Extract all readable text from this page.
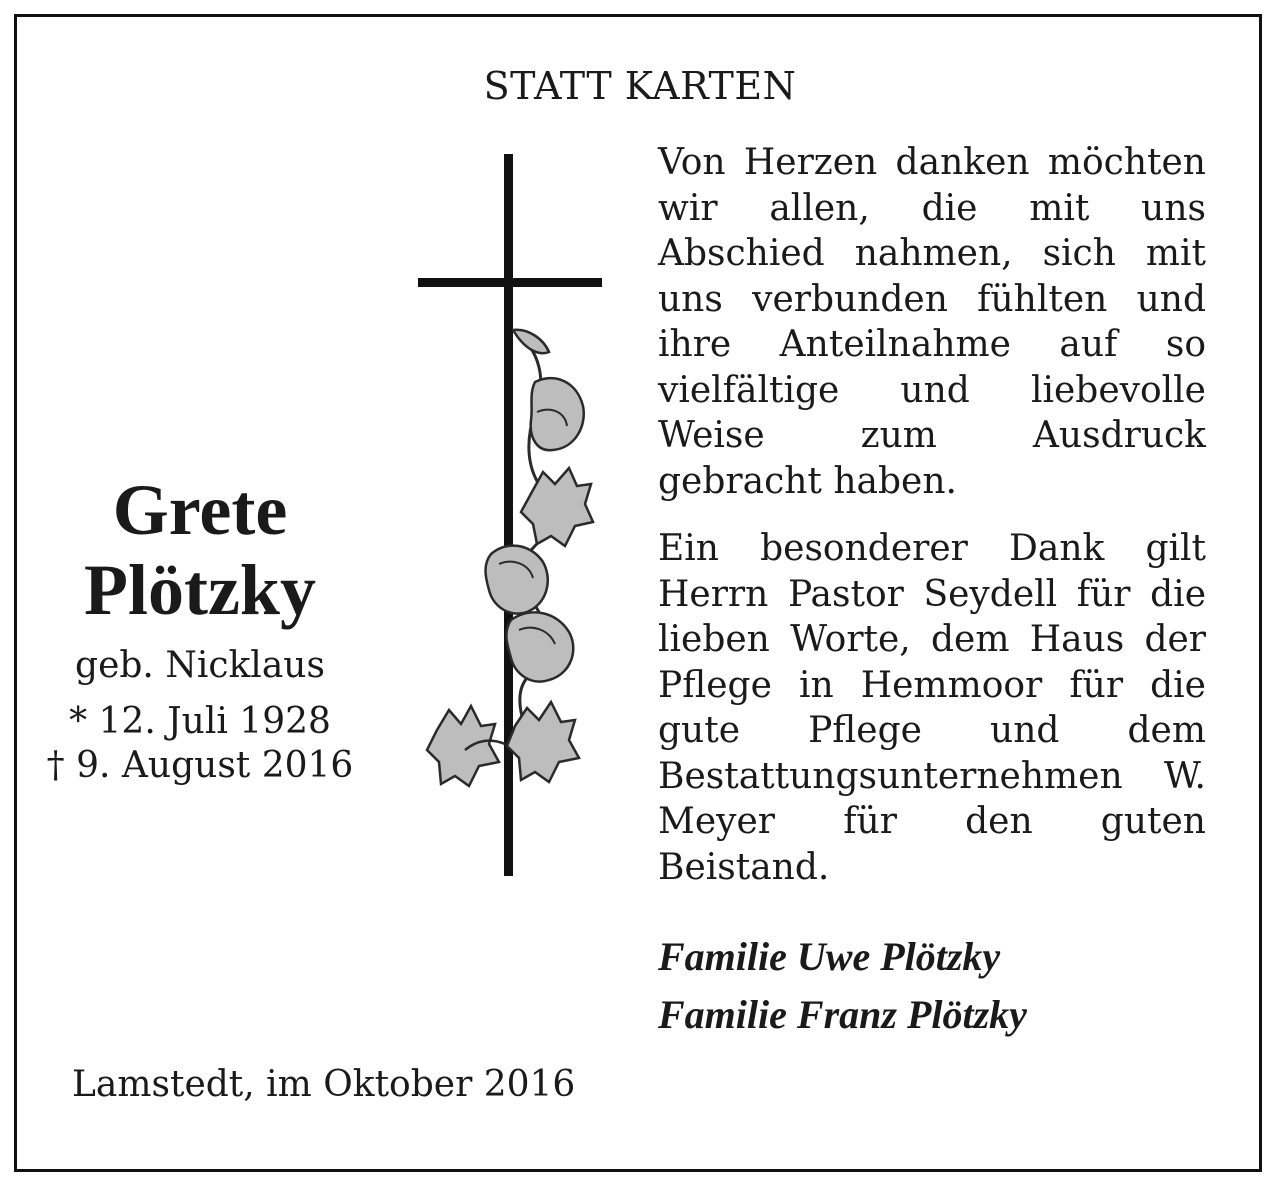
STATT KARTEN
Grete
Plötzky
geb. Nicklaus
* 12. Juli 1928
† 9. August 2016

Von Herzen danken möchten wir allen, die mit uns Abschied nahmen, sich mit uns verbunden fühlten und ihre Anteilnahme auf so vielfältige und liebevolle Weise zum Ausdruck gebracht haben.

Ein besonderer Dank gilt Herrn Pastor Seydell für die lieben Worte, dem Haus der Pflege in Hemmoor für die gute Pflege und dem Bestattungsunternehmen W. Meyer für den guten Beistand.

Familie Uwe Plötzky
Familie Franz Plötzky
Lamstedt, im Oktober 2016
